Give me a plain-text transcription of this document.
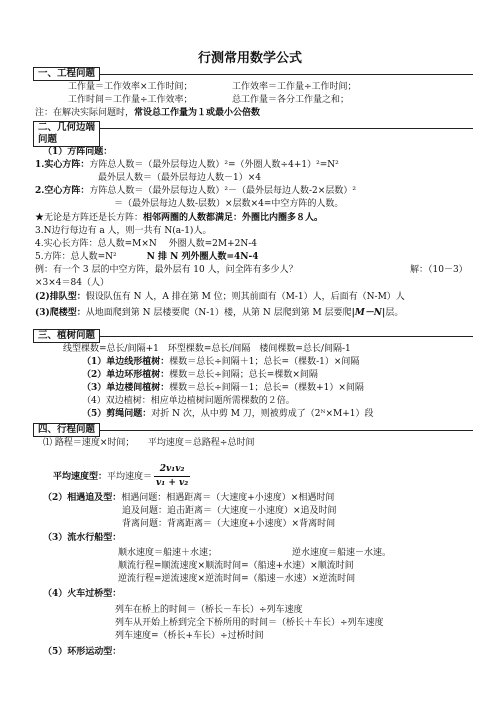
行测常用数学公式
一、工程问题
工作量＝工作效率×工作时间；	工作效率＝工作量÷工作时间；
工作时间＝工作量÷工作效率；	总工作量＝各分工作量之和；
注：在解决实际问题时，常设总工作量为１或最小公倍数
二、几何边端
问题
（1）方阵问题：
1.实心方阵：方阵总人数＝（最外层每边人数）²=（外圈人数÷4+1）²=N²
最外层人数＝（最外层每边人数－1）×4
2.空心方阵：方阵总人数＝（最外层每边人数）²－（最外层每边人数-2×层数）²
＝（最外层每边人数-层数）×层数×4=中空方阵的人数。
★无论是方阵还是长方阵：相邻两圈的人数都满足：外圈比内圈多８人。
3.N边行每边有 a 人，则一共有 N(a-1)人。
4.实心长方阵：总人数=M×N　 外圈人数=2M+2N-4
5.方阵：总人数=N²	N 排 N 列外圈人数=4N-4
例：有一个 3 层的中空方阵，最外层有 10 人，问全阵有多少人？	解：（10－3）
×3×4＝84（人）
(2)排队型：假设队伍有 N 人，A 排在第 M 位；则其前面有（M-1）人，后面有（N-M）人
(3)爬楼型：从地面爬到第 N 层楼要爬（N-1）楼，从第 N 层爬到第 M 层要爬|M－N|层。
三、植树问题
线型棵数=总长/间隔+1　环型棵数=总长/间隔　楼间棵数=总长/间隔-1
（1）单边线形植树：棵数＝总长÷间隔＋1；总长=（棵数-1）×间隔
（2）单边环形植树：棵数＝总长÷间隔；总长=棵数×间隔
（3）单边楼间植树：棵数＝总长÷间隔－1；总长=（棵数+1）×间隔
（4）双边植树：相应单边植树问题所需棵数的２倍。
（5）剪绳问题：对折 N 次，从中剪 M 刀，则被剪成了（2ᴺ×M+1）段
四、行程问题
⑴ 路程＝速度×时间；　　平均速度＝总路程÷总时间
平均速度型：平均速度＝ $\frac{\text{2v₁v₂}}{\text{v₁ + v₂}}$
（2）相遇追及型：相遇问题：相遇距离＝（大速度+小速度）×相遇时间
追及问题：追击距离＝（大速度－小速度）×追及时间
背离问题：背离距离＝（大速度+小速度）×背离时间
（3）流水行船型：
顺水速度＝船速＋水速；	逆水速度＝船速－水速。
顺流行程=顺流速度×顺流时间=（船速+水速）×顺流时间
逆流行程=逆流速度×逆流时间=（船速－水速）×逆流时间
（4）火车过桥型：
列车在桥上的时间＝（桥长－车长）÷列车速度
列车从开始上桥到完全下桥所用的时间＝（桥长＋车长）÷列车速度
列车速度=（桥长+车长）÷过桥时间
（5）环形运动型：
